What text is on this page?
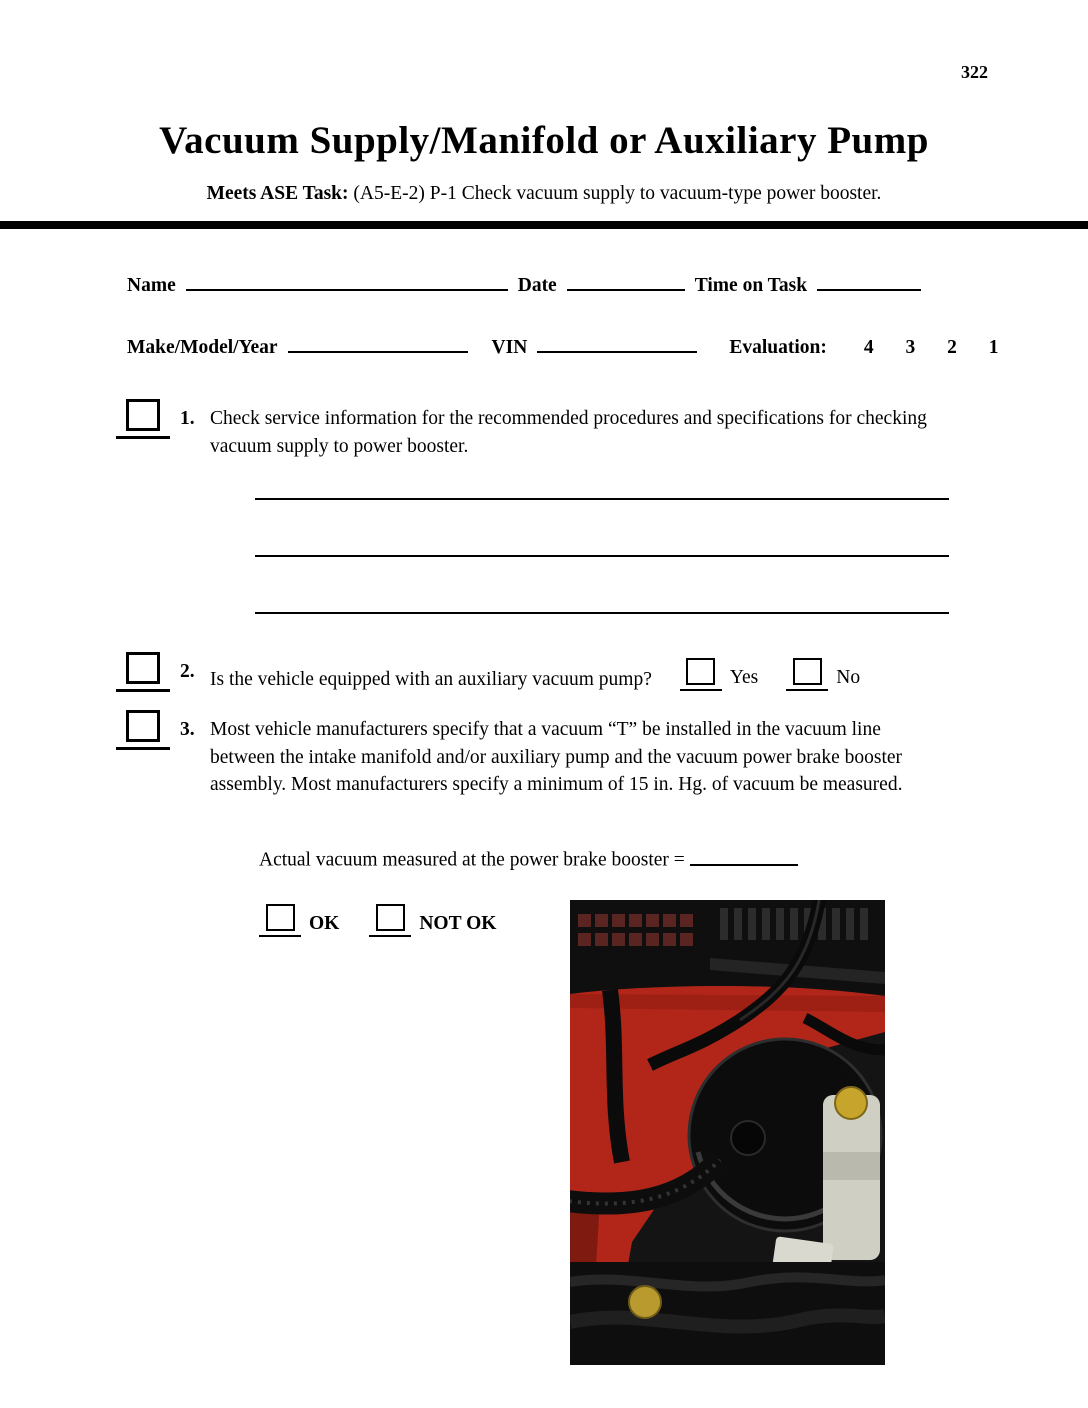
322
Vacuum Supply/Manifold or Auxiliary Pump

Meets ASE Task: (A5-E-2) P-1 Check vacuum supply to vacuum-type power booster.

Name	Date	Time on Task
Make/Model/Year	VIN	Evaluation:	4 3 2 1
1. Check service information for the recommended procedures and specifications for checking vacuum supply to power booster.
2. Is the vehicle equipped with an auxiliary vacuum pump?	Yes	No
3. Most vehicle manufacturers specify that a vacuum “T” be installed in the vacuum line between the intake manifold and/or auxiliary pump and the vacuum power brake booster assembly. Most manufacturers specify a minimum of 15 in. Hg. of vacuum be measured.
Actual vacuum measured at the power brake booster =
OK	NOT OK
